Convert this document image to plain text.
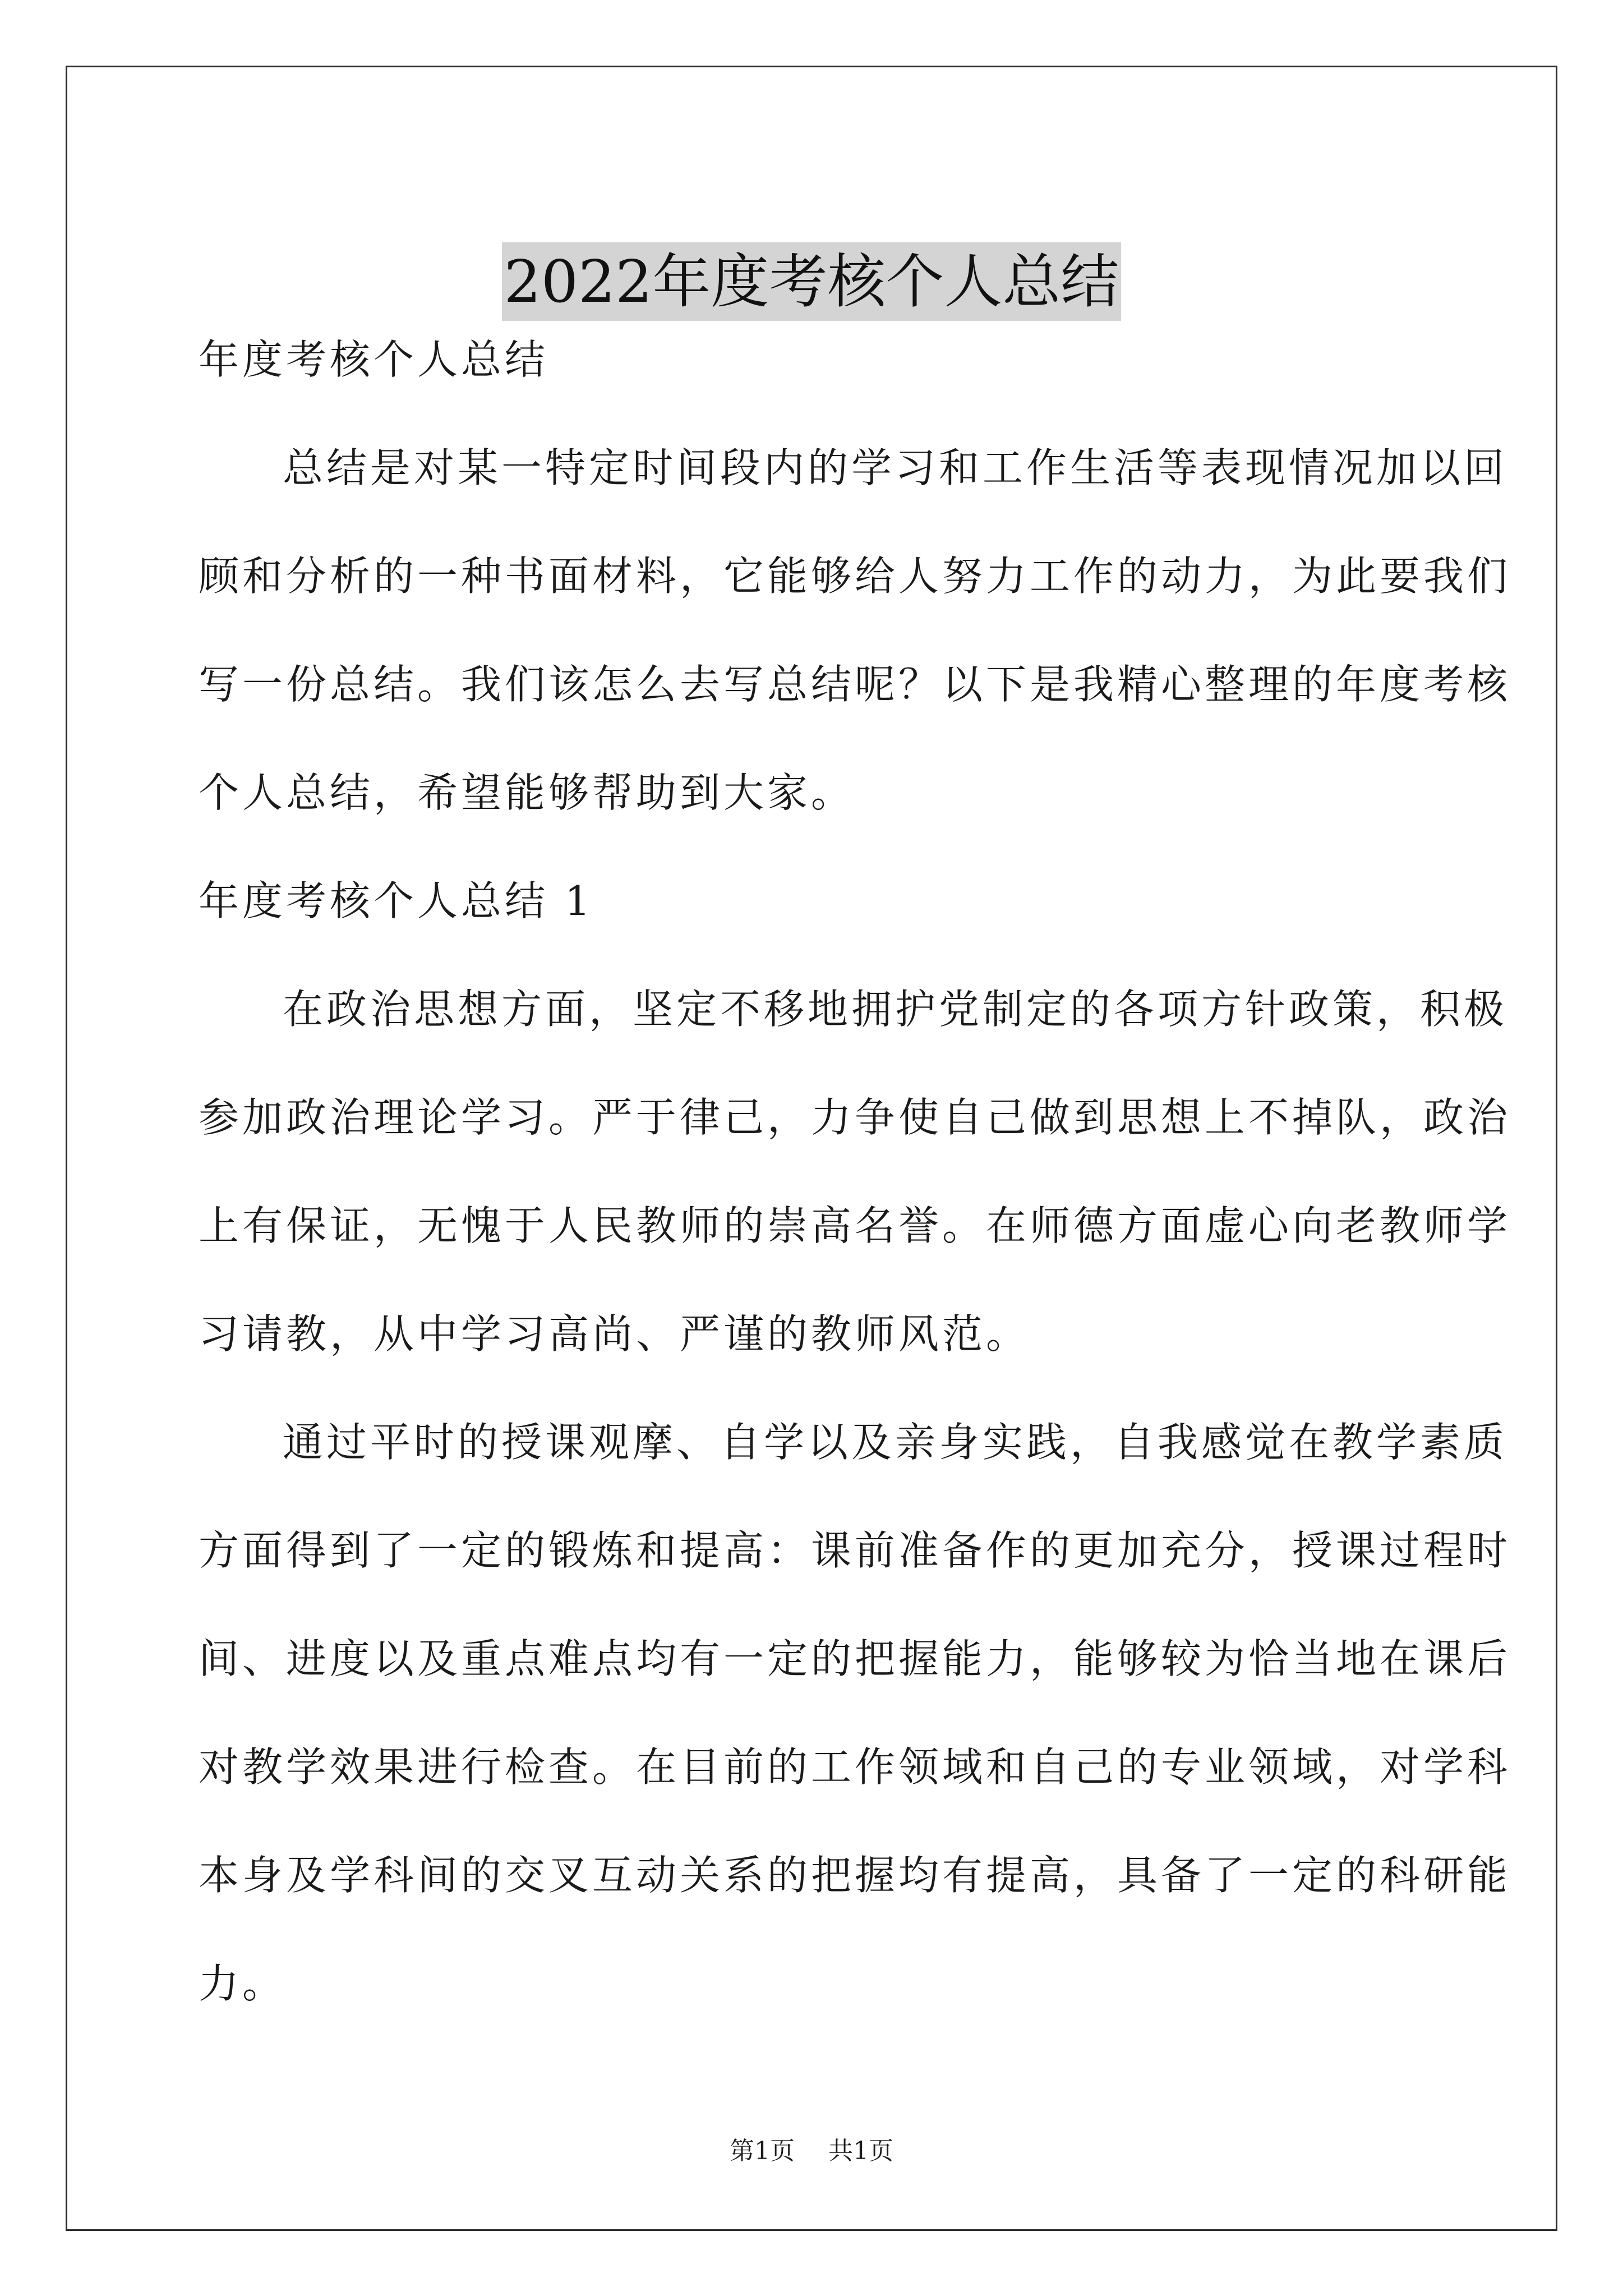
2022年度考核个人总结
年度考核个人总结
总结是对某一特定时间段内的学习和工作生活等表现情况加以回
顾和分析的一种书面材料，它能够给人努力工作的动力，为此要我们
写一份总结。我们该怎么去写总结呢？以下是我精心整理的年度考核
个人总结，希望能够帮助到大家。
年度考核个人总结 1
在政治思想方面，坚定不移地拥护党制定的各项方针政策，积极
参加政治理论学习。严于律己，力争使自己做到思想上不掉队，政治
上有保证，无愧于人民教师的崇高名誉。在师德方面虚心向老教师学
习请教，从中学习高尚、严谨的教师风范。
通过平时的授课观摩、自学以及亲身实践，自我感觉在教学素质
方面得到了一定的锻炼和提高：课前准备作的更加充分，授课过程时
间、进度以及重点难点均有一定的把握能力，能够较为恰当地在课后
对教学效果进行检查。在目前的工作领域和自己的专业领域，对学科
本身及学科间的交叉互动关系的把握均有提高，具备了一定的科研能
力。
第1页 共1页
